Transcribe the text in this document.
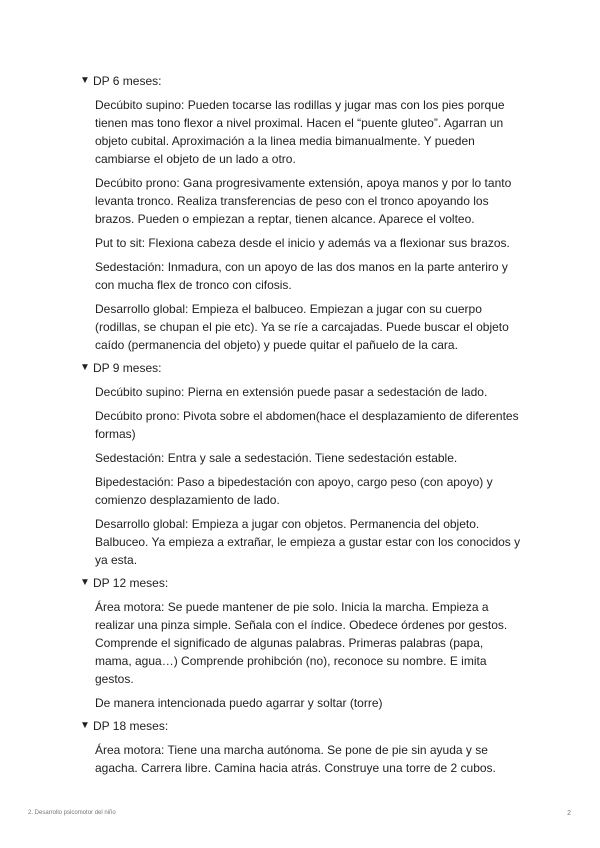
▼ DP 6 meses:

Decúbito supino: Pueden tocarse las rodillas y jugar mas con los pies porque tienen mas tono flexor a nivel proximal. Hacen el “puente gluteo”. Agarran un objeto cubital. Aproximación a la linea media bimanualmente. Y pueden cambiarse el objeto de un lado a otro.

Decúbito prono: Gana progresivamente extensión, apoya manos y por lo tanto levanta tronco. Realiza transferencias de peso con el tronco apoyando los brazos. Pueden o empiezan a reptar, tienen alcance. Aparece el volteo.

Put to sit: Flexiona cabeza desde el inicio y además va a flexionar sus brazos.

Sedestación: Inmadura, con un apoyo de las dos manos en la parte anteriro y con mucha flex de tronco con cifosis.

Desarrollo global: Empieza el balbuceo. Empiezan a jugar con su cuerpo (rodillas, se chupan el pie etc). Ya se ríe a carcajadas. Puede buscar el objeto caído (permanencia del objeto) y puede quitar el pañuelo de la cara.

▼ DP 9 meses:

Decúbito supino: Pierna en extensión puede pasar a sedestación de lado.

Decúbito prono: Pivota sobre el abdomen(hace el desplazamiento de diferentes formas)

Sedestación: Entra y sale a sedestación. Tiene sedestación estable.

Bipedestación: Paso a bipedestación con apoyo, cargo peso (con apoyo) y comienzo desplazamiento de lado.

Desarrollo global: Empieza a jugar con objetos. Permanencia del objeto. Balbuceo. Ya empieza a extrañar, le empieza a gustar estar con los conocidos y ya esta.

▼ DP 12 meses:

Área motora: Se puede mantener de pie solo. Inicia la marcha. Empieza a realizar una pinza simple. Señala con el índice. Obedece órdenes por gestos. Comprende el significado de algunas palabras. Primeras palabras (papa, mama, agua…) Comprende prohibción (no), reconoce su nombre. E imita gestos.

De manera intencionada puedo agarrar y soltar (torre)

▼ DP 18 meses:

Área motora: Tiene una marcha autónoma. Se pone de pie sin ayuda y se agacha. Carrera libre. Camina hacia atrás. Construye una torre de 2 cubos.

2. Desarrollo psicomotor del niño	2
